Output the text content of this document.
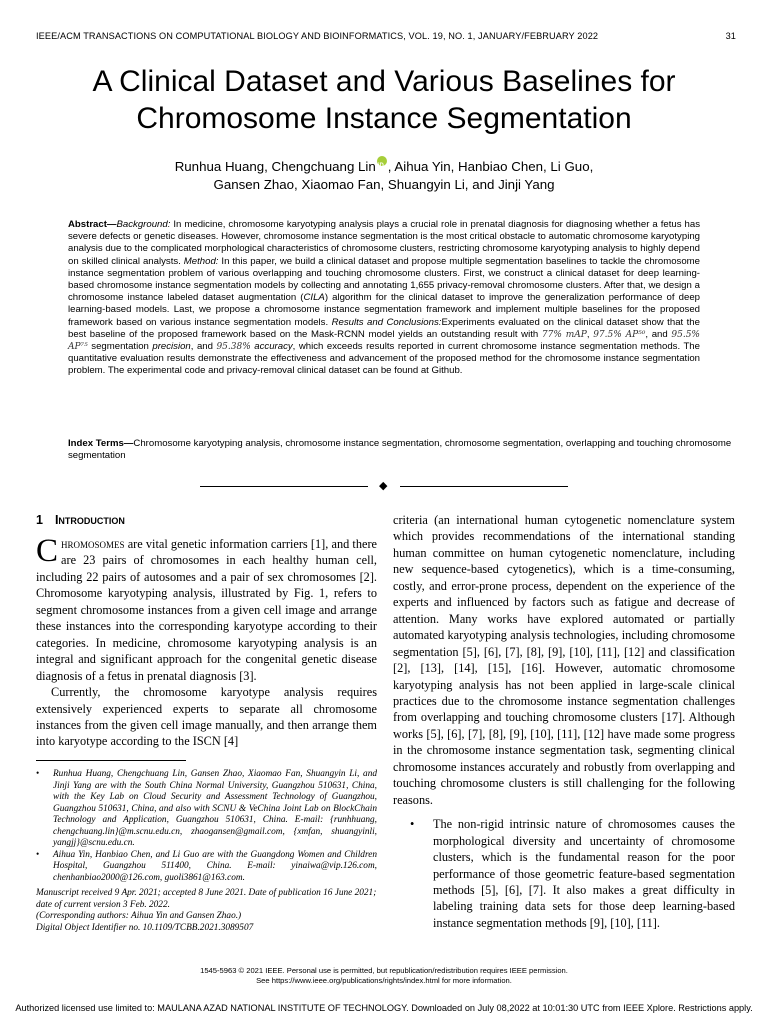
IEEE/ACM TRANSACTIONS ON COMPUTATIONAL BIOLOGY AND BIOINFORMATICS, VOL. 19, NO. 1, JANUARY/FEBRUARY 2022	31
A Clinical Dataset and Various Baselines for
Chromosome Instance Segmentation
Runhua Huang, Chengchuang LiniD , Aihua Yin, Hanbiao Chen, Li Guo,
Gansen Zhao, Xiaomao Fan, Shuangyin Li, and Jinji Yang
Abstract—Background: In medicine, chromosome karyotyping analysis plays a crucial role in prenatal diagnosis for diagnosing whether a fetus has severe defects or genetic diseases. However, chromosome instance segmentation is the most critical obstacle to automatic chromosome karyotyping analysis due to the complicated morphological characteristics of chromosome clusters, restricting chromosome karyotyping analysis to highly depend on skilled clinical analysts. Method: In this paper, we build a clinical dataset and propose multiple segmentation baselines to tackle the chromosome instance segmentation problem of various overlapping and touching chromosome clusters. First, we construct a clinical dataset for deep learning-based chromosome instance segmentation models by collecting and annotating 1,655 privacy-removal chromosome clusters. After that, we design a chromosome instance labeled dataset augmentation (CILA) algorithm for the clinical dataset to improve the generalization performance of deep learning-based models. Last, we propose a chromosome instance segmentation framework and implement multiple baselines for the proposed framework based on various instance segmentation models. Results and Conclusions:Experiments evaluated on the clinical dataset show that the best baseline of the proposed framework based on the Mask-RCNN model yields an outstanding result with 77% mAP, 97.5% AP⁵⁰, and 95.5% AP⁷⁵ segmentation precision, and 95.38% accuracy, which exceeds results reported in current chromosome instance segmentation methods. The quantitative evaluation results demonstrate the effectiveness and advancement of the proposed method for the chromosome instance segmentation problem. The experimental code and privacy-removal clinical dataset can be found at Github.
Index Terms—Chromosome karyotyping analysis, chromosome instance segmentation, chromosome segmentation, overlapping and touching chromosome segmentation
◆
1 Introduction

Chromosomes are vital genetic information carriers [1], and there are 23 pairs of chromosomes in each healthy human cell, including 22 pairs of autosomes and a pair of sex chromosomes [2]. Chromosome karyotyping analysis, illustrated by Fig. 1, refers to segment chromosome instances from a given cell image and arrange these instances into the corresponding karyotype according to their categories. In medicine, chromosome karyotyping analysis is an integral and significant approach for the congenital genetic disease diagnosis of a fetus in prenatal diagnosis [3].

Currently, the chromosome karyotype analysis requires extensively experienced experts to separate all chromosome instances from the given cell image manually, and then arrange them into karyotype according to the ISCN [4]

• Runhua Huang, Chengchuang Lin, Gansen Zhao, Xiaomao Fan, Shuangyin Li, and Jinji Yang are with the South China Normal University, Guangzhou 510631, China, with the Key Lab on Cloud Security and Assessment Technology of Guangzhou, Guangzhou 510631, China, and also with SCNU & VeChina Joint Lab on BlockChain Technology and Application, Guangzhou 510631, China. E-mail: {runhhuang, chengchuang.lin}@m.scnu.edu.cn, zhaogansen@gmail.com, {xmfan, shuangyinli, yangjj}@scnu.edu.cn.
• Aihua Yin, Hanbiao Chen, and Li Guo are with the Guangdong Women and Children Hospital, Guangzhou 511400, China. E-mail: yinaiwa@vip.126.com, chenhanbiao2000@126.com, guoli3861@163.com.
Manuscript received 9 Apr. 2021; accepted 8 June 2021. Date of publication 16 June 2021; date of current version 3 Feb. 2022.
(Corresponding authors: Aihua Yin and Gansen Zhao.)
Digital Object Identifier no. 10.1109/TCBB.2021.3089507

criteria (an international human cytogenetic nomenclature system which provides recommendations of the international standing human committee on human cytogenetic nomenclature, including new sequence-based cytogenetics), which is a time-consuming, costly, and error-prone process, dependent on the experience of the experts and influenced by factors such as fatigue and decrease of attention. Many works have explored automated or partially automated karyotyping analysis technologies, including chromosome segmentation [5], [6], [7], [8], [9], [10], [11], [12] and classification [2], [13], [14], [15], [16]. However, automatic chromosome karyotyping analysis has not been applied in large-scale clinical practices due to the chromosome instance segmentation challenges from overlapping and touching chromosome clusters [17]. Although works [5], [6], [7], [8], [9], [10], [11], [12] have made some progress in the chromosome instance segmentation task, segmenting clinical chromosome instances accurately and robustly from overlapping and touching chromosome clusters is still challenging for the following reasons.

• The non-rigid intrinsic nature of chromosomes causes the morphological diversity and uncertainty of chromosome clusters, which is the fundamental reason for the poor performance of those geometric feature-based segmentation methods [5], [6], [7]. It also makes a great difficulty in labeling training data sets for those deep learning-based instance segmentation methods [9], [10], [11].
1545-5963 © 2021 IEEE. Personal use is permitted, but republication/redistribution requires IEEE permission.
See https://www.ieee.org/publications/rights/index.html for more information.
Authorized licensed use limited to: MAULANA AZAD NATIONAL INSTITUTE OF TECHNOLOGY. Downloaded on July 08,2022 at 10:01:30 UTC from IEEE Xplore. Restrictions apply.
